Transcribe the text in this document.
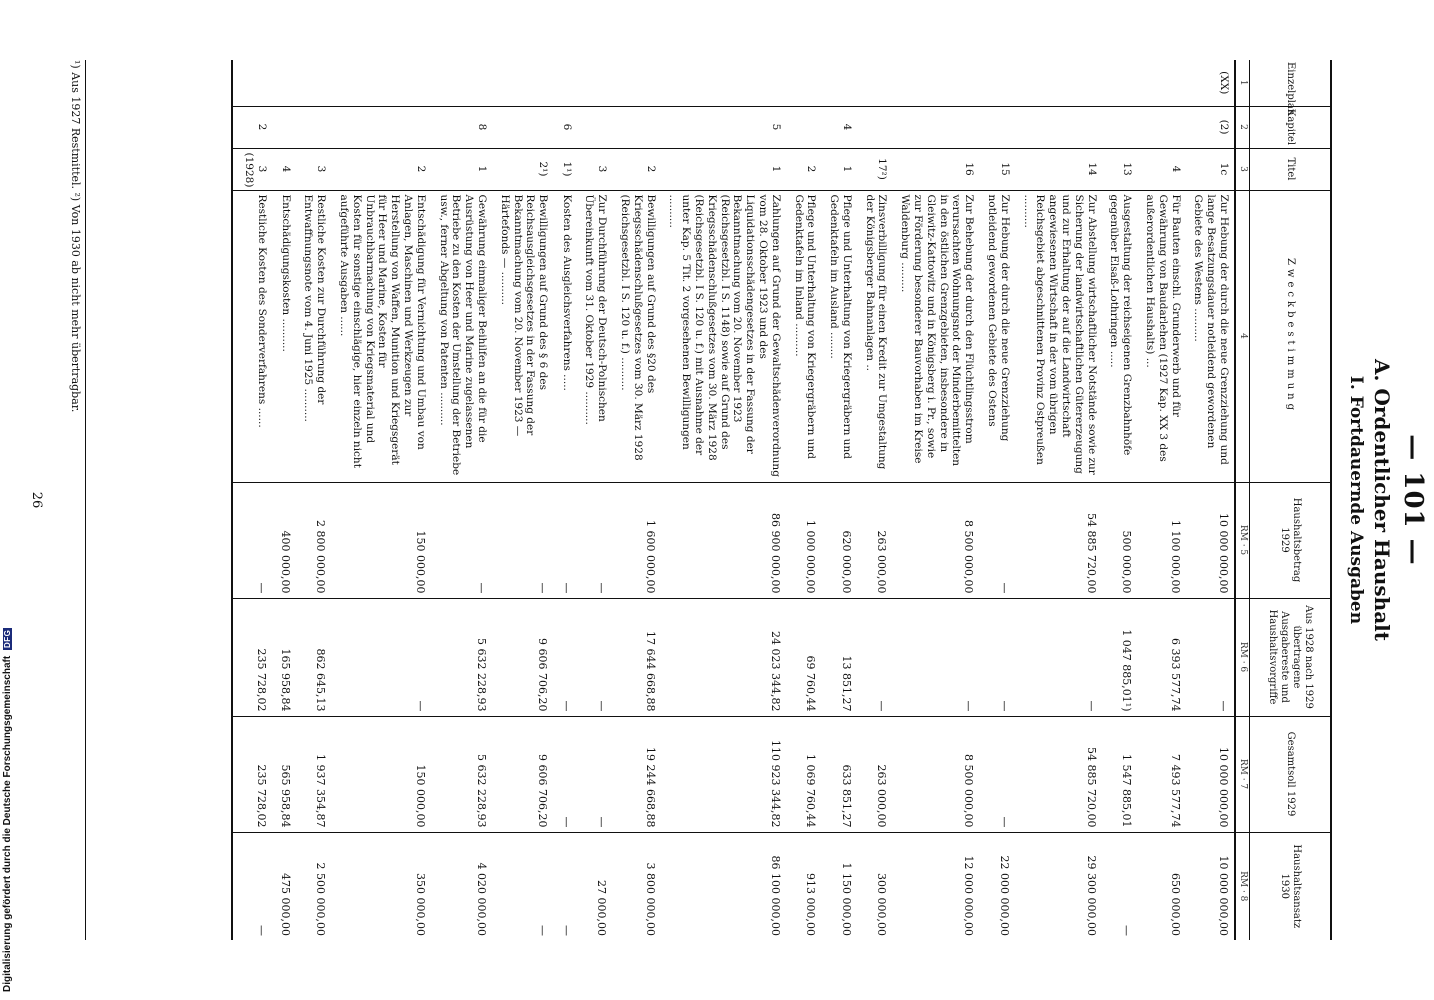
— 101 —
A. Ordentlicher Haushalt
I. Fortdauernde Ausgaben
Einzelplan	Kapitel	Titel	Zweckbestimmung	Haushaltsbetrag 1929	Aus 1928 nach 1929 übertragene Ausgabereste und Haushaltsvorgriffe	Gesamtsoll 1929	Haushaltsansatz 1930
1	2	3	4	RM · 5	RM · 6	RM · 7	RM · 8
(XX)	(2)	1c	Zur Hebung der durch die neue Grenzziehung und lange Besatzungsdauer notleidend gewordenen Gebiete des Westens ..........	10 000 000,00	—	10 000 000,00	10 000 000,00
		4	Für Bauten einschl. Grunderwerb und für Gewährung von Baudarlehen (1927 Kap. XX 3 des außerordentlichen Haushalts) ...	1 100 000,00	6 393 577,74	7 493 577,74	650 000,00
		13	Ausgestaltung der reichseigenen Grenzbahnhöfe gegenüber Elsaß-Lothringen .....	500 000,00	1 047 885,01¹)	1 547 885,01	—
		14	Zur Abstellung wirtschaftlicher Notstände sowie zur Sicherung der landwirtschaftlichen Gütererzeugung und zur Erhaltung der auf die Landwirtschaft angewiesenen Wirtschaft in der vom übrigen Reichsgebiet abgeschnittenen Provinz Ostpreußen ..........	54 885 720,00	—	54 885 720,00	29 300 000,00
		15	Zur Hebung der durch die neue Grenzziehung notleidend gewordenen Gebiete des Ostens	—	—	—	22 000 000,00
		16	Zur Behebung der durch den Flüchtlingsstrom verursachten Wohnungsnot der Minderbemittelten in den östlichen Grenzgebieten, insbesondere in Gleiwitz-Kattowitz und in Königsberg i. Pr., sowie zur Förderung besonderer Bauvorhaben im Kreise Waldenburg .........	8 500 000,00	—	8 500 000,00	12 000 000,00
		17²)	Zinsverbilligung für einen Kredit zur Umgestaltung der Königsberger Bahnanlagen ..	263 000,00	—	263 000,00	300 000,00
	4	1	Pflege und Unterhaltung von Kriegergräbern und Gedenktafeln im Ausland ........	620 000,00	13 851,27	633 851,27	1 150 000,00
		2	Pflege und Unterhaltung von Kriegergräbern und Gedenktafeln im Inland ..........	1 000 000,00	69 760,44	1 069 760,44	913 000,00
	5	1	Zahlungen auf Grund der Gewaltschädenverordnung vom 28. Oktober 1923 und des Liquidationsschädengesetzes in der Fassung der Bekanntmachung vom 20. November 1923 (Reichsgesetzbl. I S. 1148) sowie auf Grund des Kriegsschädenschlußgesetzes vom 30. März 1928 (Reichsgesetzbl. I S. 120 u. f.) mit Ausnahme der unter Kap. 5 Tit. 2 vorgesehenen Bewilligungen ..........	86 900 000,00	24 023 344,82	110 923 344,82	86 100 000,00
		2	Bewilligungen auf Grund des §20 des Kriegsschädenschlußgesetzes vom 30. März 1928 (Reichsgesetzbl. I S. 120 u. f.) ..........	1 600 000,00	17 644 668,88	19 244 668,88	3 800 000,00
		3	Zur Durchführung der Deutsch-Polnischen Übereinkunft vom 31. Oktober 1929 ..........	—	—	—	27 000,00
	6	1¹)	Kosten des Ausgleichsverfahrens .....	—	—	—	—
		2¹)	Bewilligungen auf Grund des § 6 des Reichsausgleichsgesetzes in der Fassung der Bekanntmachung vom 20. November 1923 — Härtefonds — ..........	—	9 606 706,20	9 606 706,20	—
	8	1	Gewährung einmaliger Beihilfen an die für die Ausrüstung von Heer und Marine zugelassenen Betriebe zu den Kosten der Umstellung der Betriebe usw., ferner Abgeltung von Patenten ..........	—	5 632 228,93	5 632 228,93	4 020 000,00
		2	Entschädigung für Vernichtung und Umbau von Anlagen, Maschinen und Werkzeugen zur Herstellung von Waffen, Munition und Kriegsgerät für Heer und Marine, Kosten für Unbrauchbarmachung von Kriegsmaterial und Kosten für sonstige einschlägige, hier einzeln nicht aufgeführte Ausgaben ......	150 000,00	—	150 000,00	350 000,00
		3	Restliche Kosten zur Durchführung der Entwaffnungsnote vom 4. Juni 1925 ..........	2 800 000,00	862 645,13	1 937 354,87	2 500 000,00
		4	Entschädigungskosten ..........	400 000,00	165 958,84	565 958,84	475 000,00
	2	3 (1928)	Restliche Kosten des Sonderverfahrens ......	—	235 728,02	235 728,02	—
¹) Aus 1927 Restmittel. ²) Von 1930 ab nicht mehr übertragbar.
26
Digitalisierung gefördert durch die Deutsche Forschungsgemeinschaft DFG
